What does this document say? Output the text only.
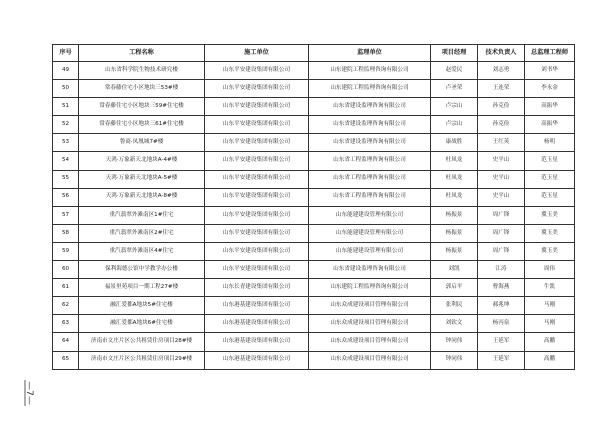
序号	工程名称	施工单位	监理单位	项目经理	技术负责人	总监理工程师
49	山东省科学院生物技术研究楼	山东平安建设集团有限公司	山东建院工程监理咨询有限公司	赵爱民	刘志勇	刘书华
50	常春藤住宅小区地块三53#楼	山东平安建设集团有限公司	山东建院工程监理咨询有限公司	卢圣荣	王连荣	李永金
51	常春藤住宅小区地块三59#住宅楼	山东平安建设集团有限公司	山东省建设监理咨询有限公司	卢宗山	孙克俭	高振华
52	常春藤住宅小区地块三61#住宅楼	山东平安建设集团有限公司	山东省建设监理咨询有限公司	卢宗山	孙克俭	高振华
53	鲁商·凤凰城7#楼	山东平安建设集团有限公司	山东省建设监理咨询有限公司	康战胜	王红英	杨明
54	天鸿·万象新天北地块A-4#楼	山东平安建设集团有限公司	山东省工程监理咨询有限公司	杜凤龙	史平山	范玉星
55	天鸿·万象新天北地块A-5#楼	山东平安建设集团有限公司	山东省工程监理咨询有限公司	杜凤龙	史平山	范玉星
56	天鸿·万象新天北地块A-8#楼	山东平安建设集团有限公司	山东省工程监理咨询有限公司	杜凤龙	史平山	范玉星
57	重汽翡翠外滩南区1#住宅	山东平安建设集团有限公司	山东能建建设管理有限公司	杨振景	周广锋	冀玉美
58	重汽翡翠外滩南区2#住宅	山东平安建设集团有限公司	山东能建建设管理有限公司	杨振景	周广锋	冀玉美
59	重汽翡翠外滩南区4#住宅	山东平安建设集团有限公司	山东能建建设管理有限公司	杨振景	周广锋	冀玉美
60	保利海德公馆中学教学办公楼	山东平安建设集团有限公司	山东省建设监理咨询有限公司	刘凯	江涛	周伟
61	福景里苑项目一期工程27#楼	山东长青建设集团有限公司	山东建院工程监理咨询有限公司	郭启平	曹海燕	牛凯
62	融汇爱都A地块5#住宅楼	山东港基建设集团有限公司	山东众成建设项目管理有限公司	张利民	郝兆坤	马刚
63	融汇爱都A地块6#住宅楼	山东港基建设集团有限公司	山东众成建设项目管理有限公司	刘钦文	杨丙泉	马刚
64	济南市文庄片区公共租赁住房项目28#楼	山东港基建设集团有限公司	山东众成建设项目管理有限公司	钟同伟	王延军	高鹏
65	济南市文庄片区公共租赁住房项目29#楼	山东港基建设集团有限公司	山东众成建设项目管理有限公司	钟同伟	王延军	高鹏
—7—
